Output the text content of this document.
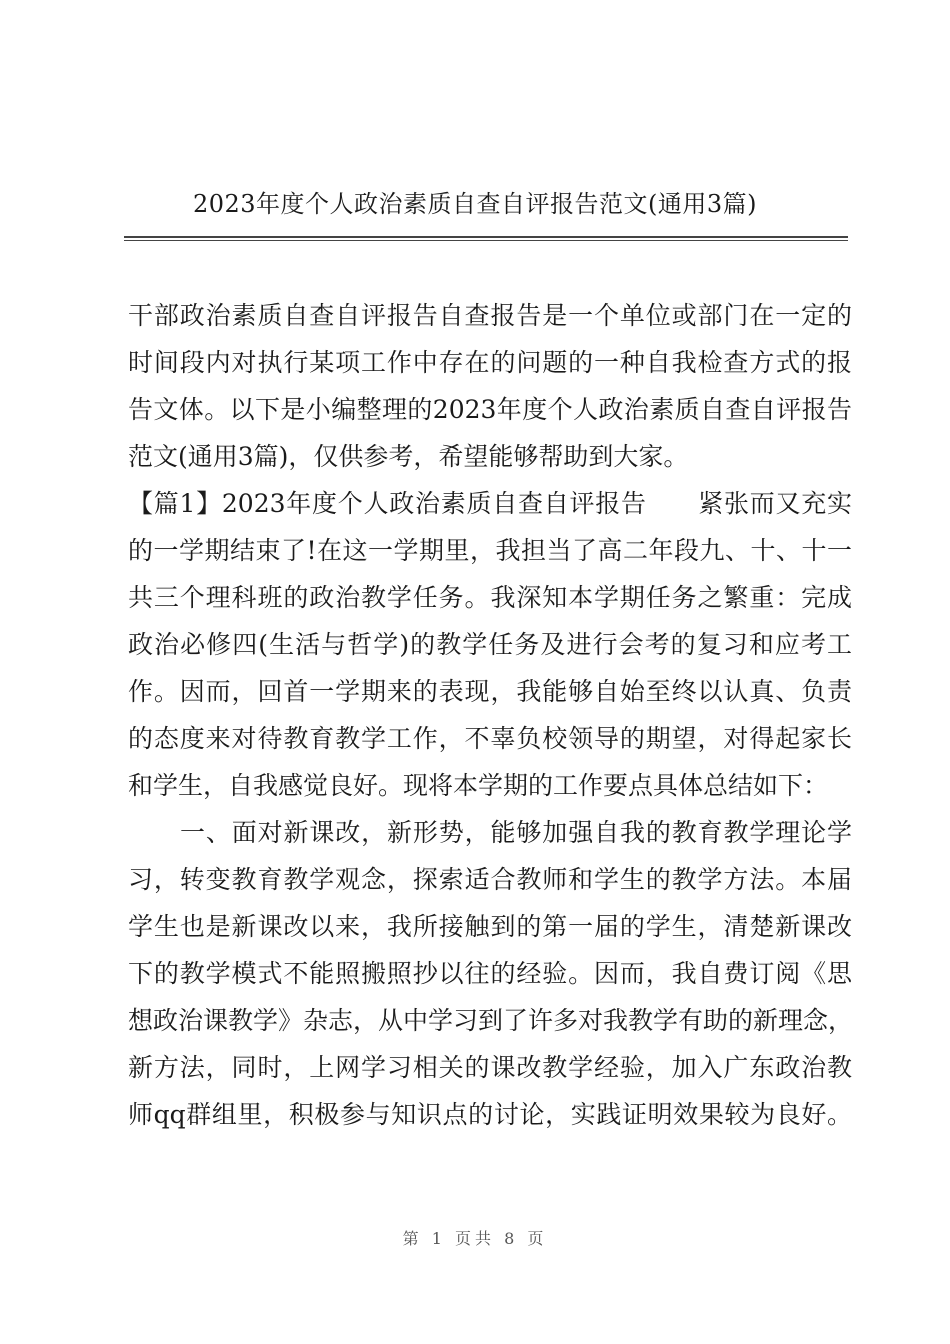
2023年度个人政治素质自查自评报告范文(通用3篇)

干部政治素质自查自评报告自查报告是一个单位或部门在一定的
时间段内对执行某项工作中存在的问题的一种自我检查方式的报
告文体。以下是小编整理的2023年度个人政治素质自查自评报告
范文(通用3篇)，仅供参考，希望能够帮助到大家。

【篇1】2023年度个人政治素质自查自评报告　　紧张而又充实
的一学期结束了!在这一学期里，我担当了高二年段九、十、十一
共三个理科班的政治教学任务。我深知本学期任务之繁重：完成
政治必修四(生活与哲学)的教学任务及进行会考的复习和应考工
作。因而，回首一学期来的表现，我能够自始至终以认真、负责
的态度来对待教育教学工作，不辜负校领导的期望，对得起家长
和学生，自我感觉良好。现将本学期的工作要点具体总结如下：

一、面对新课改，新形势，能够加强自我的教育教学理论学
习，转变教育教学观念，探索适合教师和学生的教学方法。本届
学生也是新课改以来，我所接触到的第一届的学生，清楚新课改
下的教学模式不能照搬照抄以往的经验。因而，我自费订阅《思
想政治课教学》杂志，从中学习到了许多对我教学有助的新理念，
新方法，同时，上网学习相关的课改教学经验，加入广东政治教
师qq群组里，积极参与知识点的讨论，实践证明效果较为良好。

第 1 页共 8 页
